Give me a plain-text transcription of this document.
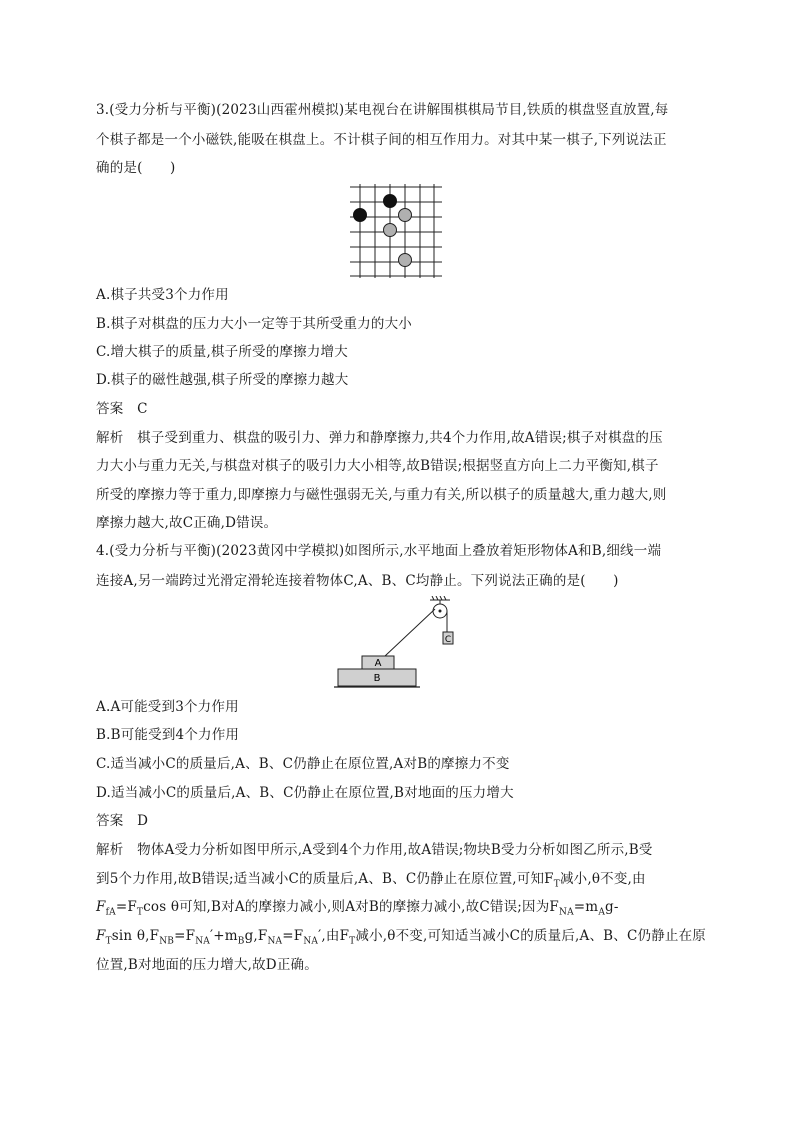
3.(受力分析与平衡)(2023山西霍州模拟)某电视台在讲解围棋棋局节目,铁质的棋盘竖直放置,每
个棋子都是一个小磁铁,能吸在棋盘上。不计棋子间的相互作用力。对其中某一棋子,下列说法正
确的是(　　)
A.棋子共受3个力作用
B.棋子对棋盘的压力大小一定等于其所受重力的大小
C.增大棋子的质量,棋子所受的摩擦力增大
D.棋子的磁性越强,棋子所受的摩擦力越大
答案　C
解析　棋子受到重力、棋盘的吸引力、弹力和静摩擦力,共4个力作用,故A错误;棋子对棋盘的压
力大小与重力无关,与棋盘对棋子的吸引力大小相等,故B错误;根据竖直方向上二力平衡知,棋子
所受的摩擦力等于重力,即摩擦力与磁性强弱无关,与重力有关,所以棋子的质量越大,重力越大,则
摩擦力越大,故C正确,D错误。
4.(受力分析与平衡)(2023黄冈中学模拟)如图所示,水平地面上叠放着矩形物体A和B,细线一端
连接A,另一端跨过光滑定滑轮连接着物体C,A、B、C均静止。下列说法正确的是(　　)
C
A
B
A.A可能受到3个力作用
B.B可能受到4个力作用
C.适当减小C的质量后,A、B、C仍静止在原位置,A对B的摩擦力不变
D.适当减小C的质量后,A、B、C仍静止在原位置,B对地面的压力增大
答案　D
解析　物体A受力分析如图甲所示,A受到4个力作用,故A错误;物块B受力分析如图乙所示,B受
到5个力作用,故B错误;适当减小C的质量后,A、B、C仍静止在原位置,可知$F_T$减小,θ不变,由
$F_{fA}=F_T\cos$ θ可知,B对A的摩擦力减小,则A对B的摩擦力减小,故C错误;因为$F_{NA}=m_Ag-$
$F_T\sin$ $\theta,F_{NB}=F_{NA}'+m_Bg,F_{NA}=F_{NA}'$,由$F_T$减小,θ不变,可知适当减小C的质量后,A、B、C仍静止在原
位置,B对地面的压力增大,故D正确。
